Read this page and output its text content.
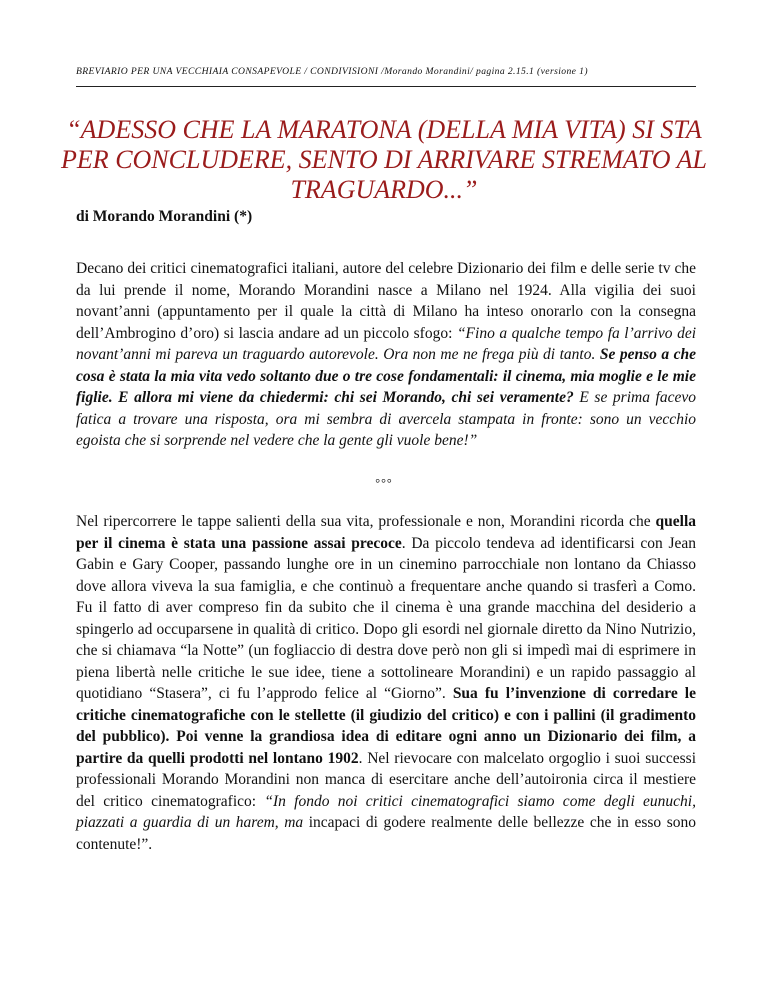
BREVIARIO PER UNA VECCHIAIA CONSAPEVOLE / CONDIVISIONI /Morando Morandini/ pagina 2.15.1 (versione 1)
“ADESSO CHE LA MARATONA (DELLA MIA VITA) SI STA PER CONCLUDERE, SENTO DI ARRIVARE STREMATO AL TRAGUARDO...”
di Morando Morandini (*)

Decano dei critici cinematografici italiani, autore del celebre Dizionario dei film e delle serie tv che da lui prende il nome, Morando Morandini nasce a Milano nel 1924. Alla vigilia dei suoi novant’anni (appuntamento per il quale la città di Milano ha inteso onorarlo con la consegna dell’Ambrogino d’oro) si lascia andare ad un piccolo sfogo: “Fino a qualche tempo fa l’arrivo dei novant’anni mi pareva un traguardo autorevole. Ora non me ne frega più di tanto. Se penso a che cosa è stata la mia vita vedo soltanto due o tre cose fondamentali: il cinema, mia moglie e le mie figlie. E allora mi viene da chiedermi: chi sei Morando, chi sei veramente? E se prima facevo fatica a trovare una risposta, ora mi sembra di avercela stampata in fronte: sono un vecchio egoista che si sorprende nel vedere che la gente gli vuole bene!”

°°°

Nel ripercorrere le tappe salienti della sua vita, professionale e non, Morandini ricorda che quella per il cinema è stata una passione assai precoce. Da piccolo tendeva ad identificarsi con Jean Gabin e Gary Cooper, passando lunghe ore in un cinemino parrocchiale non lontano da Chiasso dove allora viveva la sua famiglia, e che continuò a frequentare anche quando si trasferì a Como. Fu il fatto di aver compreso fin da subito che il cinema è una grande macchina del desiderio a spingerlo ad occuparsene in qualità di critico. Dopo gli esordi nel giornale diretto da Nino Nutrizio, che si chiamava “la Notte” (un fogliaccio di destra dove però non gli si impedì mai di esprimere in piena libertà nelle critiche le sue idee, tiene a sottolineare Morandini) e un rapido passaggio al quotidiano “Stasera”, ci fu l’approdo felice al “Giorno”. Sua fu l’invenzione di corredare le critiche cinematografiche con le stellette (il giudizio del critico) e con i pallini (il gradimento del pubblico). Poi venne la grandiosa idea di editare ogni anno un Dizionario dei film, a partire da quelli prodotti nel lontano 1902. Nel rievocare con malcelato orgoglio i suoi successi professionali Morando Morandini non manca di esercitare anche dell’autoironia circa il mestiere del critico cinematografico: “In fondo noi critici cinematografici siamo come degli eunuchi, piazzati a guardia di un harem, ma incapaci di godere realmente delle bellezze che in esso sono contenute!”.
